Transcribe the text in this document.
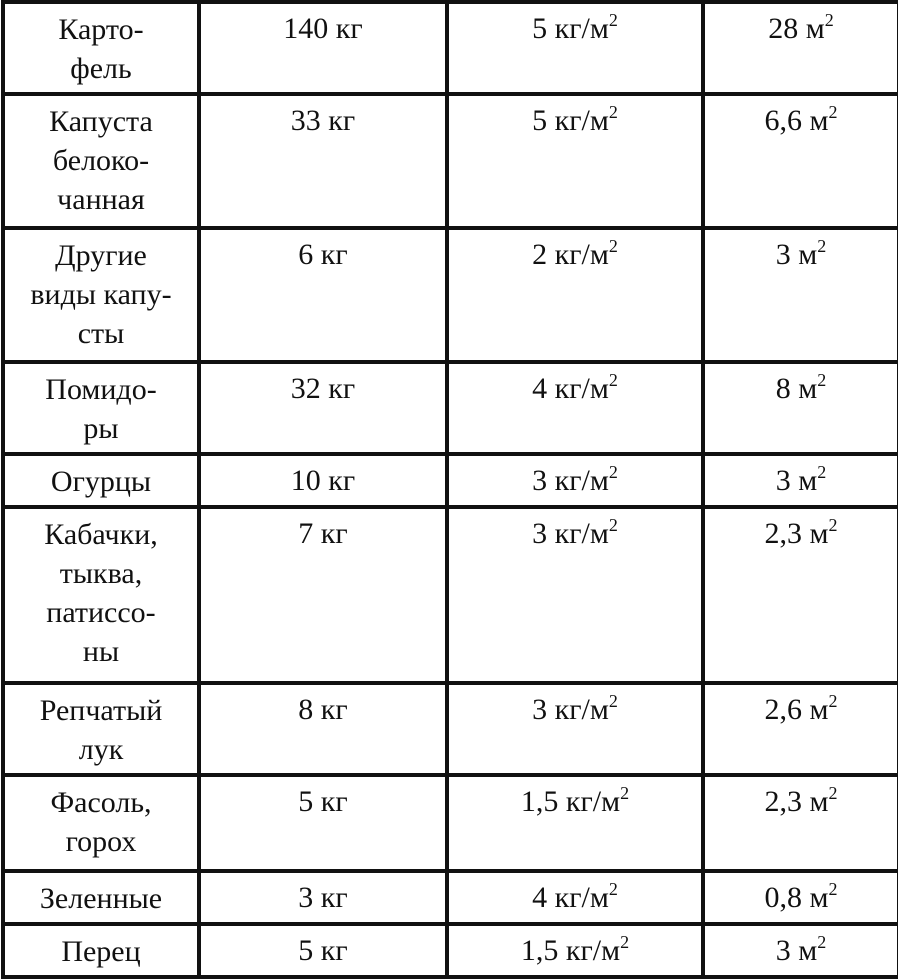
Карто-
фель	140 кг	5 $кг/м^2$	28 $м^2$

Капуста
белоко-
чанная	33 кг	5 $кг/м^2$	6,6 $м^2$

Другие
виды капу-
сты	6 кг	2 $кг/м^2$	3 $м^2$

Помидо-
ры	32 кг	4 $кг/м^2$	8 $м^2$

Огурцы	10 кг	3 $кг/м^2$	3 $м^2$

Кабачки,
тыква,
патиссо-
ны	7 кг	3 $кг/м^2$	2,3 $м^2$

Репчатый
лук	8 кг	3 $кг/м^2$	2,6 $м^2$

Фасоль,
горох	5 кг	1,5 $кг/м^2$	2,3 $м^2$

Зеленные	3 кг	4 $кг/м^2$	0,8 $м^2$

Перец	5 кг	1,5 $кг/м^2$	3 $м^2$
